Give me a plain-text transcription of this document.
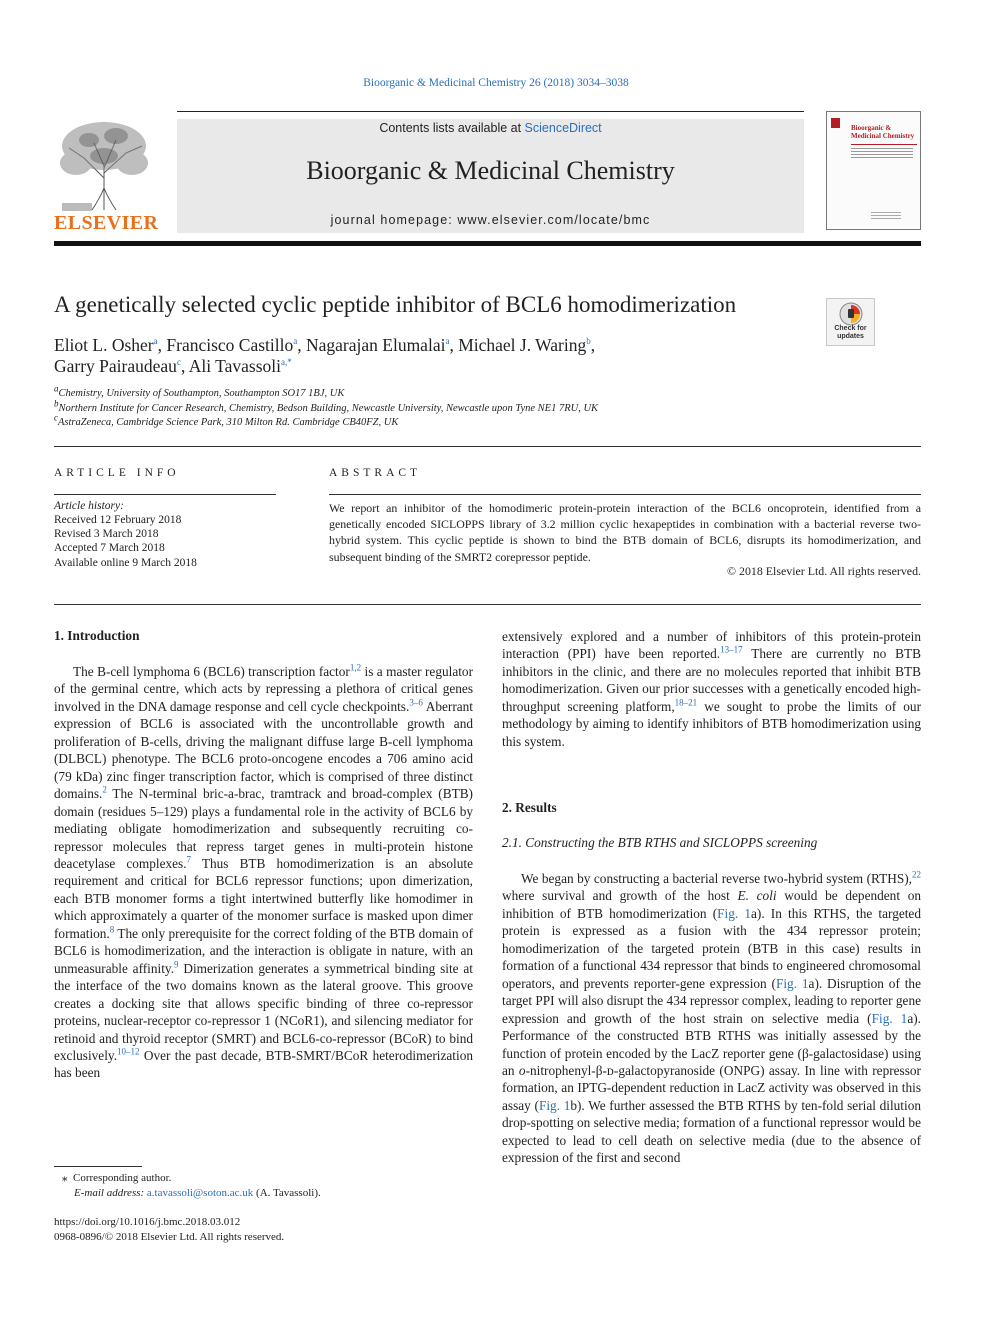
Bioorganic & Medicinal Chemistry 26 (2018) 3034–3038
Contents lists available at ScienceDirect
Bioorganic & Medicinal Chemistry
journal homepage: www.elsevier.com/locate/bmc
ELSEVIER
Bioorganic & Medicinal Chemistry
A genetically selected cyclic peptide inhibitor of BCL6 homodimerization
Check for updates
Eliot L. Osher$^a$, Francisco Castillo$^a$, Nagarajan Elumalai$^a$, Michael J. Waring$^b$,
Garry Pairaudeau$^c$, Ali Tavassoli$^{a,*}$
$^a$Chemistry, University of Southampton, Southampton SO17 1BJ, UK
$^b$Northern Institute for Cancer Research, Chemistry, Bedson Building, Newcastle University, Newcastle upon Tyne NE1 7RU, UK
$^c$AstraZeneca, Cambridge Science Park, 310 Milton Rd. Cambridge CB40FZ, UK
ARTICLE INFO
Article history:
Received 12 February 2018
Revised 3 March 2018
Accepted 7 March 2018
Available online 9 March 2018
ABSTRACT
We report an inhibitor of the homodimeric protein-protein interaction of the BCL6 oncoprotein, identified from a genetically encoded SICLOPPS library of 3.2 million cyclic hexapeptides in combination with a bacterial reverse two-hybrid system. This cyclic peptide is shown to bind the BTB domain of BCL6, disrupts its homodimerization, and subsequent binding of the SMRT2 corepressor peptide.
© 2018 Elsevier Ltd. All rights reserved.
1. Introduction

The B-cell lymphoma 6 (BCL6) transcription factor$^{1,2}$ is a master regulator of the germinal centre, which acts by repressing a plethora of critical genes involved in the DNA damage response and cell cycle checkpoints.$^{3-6}$ Aberrant expression of BCL6 is associated with the uncontrollable growth and proliferation of B-cells, driving the malignant diffuse large B-cell lymphoma (DLBCL) phenotype. The BCL6 proto-oncogene encodes a 706 amino acid (79 kDa) zinc finger transcription factor, which is comprised of three distinct domains.$^2$ The N-terminal bric-a-brac, tramtrack and broad-complex (BTB) domain (residues 5–129) plays a fundamental role in the activity of BCL6 by mediating obligate homodimerization and subsequently recruiting co-repressor molecules that repress target genes in multi-protein histone deacetylase complexes.$^7$ Thus BTB homodimerization is an absolute requirement and critical for BCL6 repressor functions; upon dimerization, each BTB monomer forms a tight intertwined butterfly like homodimer in which approximately a quarter of the monomer surface is masked upon dimer formation.$^8$ The only prerequisite for the correct folding of the BTB domain of BCL6 is homodimerization, and the interaction is obligate in nature, with an unmeasurable affinity.$^9$ Dimerization generates a symmetrical binding site at the interface of the two domains known as the lateral groove. This groove creates a docking site that allows specific binding of three co-repressor proteins, nuclear-receptor co-repressor 1 (NCoR1), and silencing mediator for retinoid and thyroid receptor (SMRT) and BCL6-co-repressor (BCoR) to bind exclusively.$^{10-12}$ Over the past decade, BTB-SMRT/BCoR heterodimerization has been

extensively explored and a number of inhibitors of this protein-protein interaction (PPI) have been reported.$^{13-17}$ There are currently no BTB inhibitors in the clinic, and there are no molecules reported that inhibit BTB homodimerization. Given our prior successes with a genetically encoded high-throughput screening platform,$^{18-21}$ we sought to probe the limits of our methodology by aiming to identify inhibitors of BTB homodimerization using this system.

2. Results
2.1. Constructing the BTB RTHS and SICLOPPS screening

We began by constructing a bacterial reverse two-hybrid system (RTHS),$^{22}$ where survival and growth of the host E. coli would be dependent on inhibition of BTB homodimerization (Fig. 1a). In this RTHS, the targeted protein is expressed as a fusion with the 434 repressor protein; homodimerization of the targeted protein (BTB in this case) results in formation of a functional 434 repressor that binds to engineered chromosomal operators, and prevents reporter-gene expression (Fig. 1a). Disruption of the target PPI will also disrupt the 434 repressor complex, leading to reporter gene expression and growth of the host strain on selective media (Fig. 1a). Performance of the constructed BTB RTHS was initially assessed by the function of protein encoded by the LacZ reporter gene (β-galactosidase) using an o-nitrophenyl-β-ᴅ-galactopyranoside (ONPG) assay. In line with repressor formation, an IPTG-dependent reduction in LacZ activity was observed in this assay (Fig. 1b). We further assessed the BTB RTHS by ten-fold serial dilution drop-spotting on selective media; formation of a functional repressor would be expected to lead to cell death on selective media (due to the absence of expression of the first and second

⁎  Corresponding author.
E-mail address: a.tavassoli@soton.ac.uk (A. Tavassoli).
https://doi.org/10.1016/j.bmc.2018.03.012
0968-0896/© 2018 Elsevier Ltd. All rights reserved.
